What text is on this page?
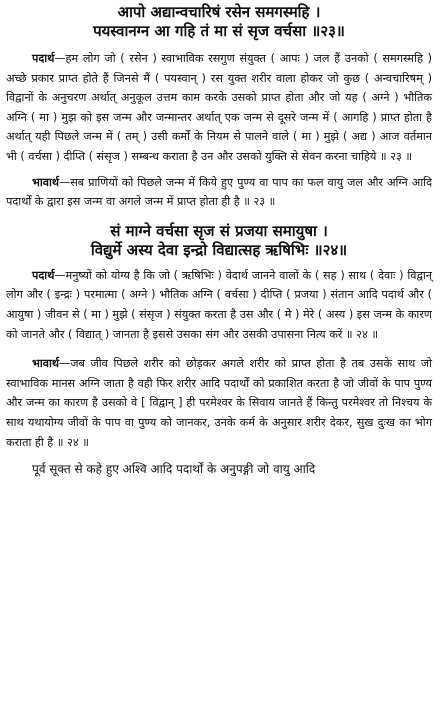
आपो अद्यान्वचारिषं रसेन समगस्महि ।

पयस्वानग्न आ गहि तं मा सं सृज वर्चसा ॥२३॥

पदार्थ—हम लोग जो ( रसेन ) स्वाभाविक रसगुण संयुक्त ( आपः ) जल हैं उनको ( समगस्महि ) अच्छे प्रकार प्राप्त होते हैं जिनसे मैं ( पयस्वान् ) रस युक्त शरीर वाला होकर जो कुछ ( अन्वचारिषम् ) विद्वानों के अनुचरण अर्थात् अनुकूल उत्तम काम करके उसको प्राप्त होता और जो यह ( अग्ने ) भौतिक अग्नि ( मा ) मुझ को इस जन्म और जन्मान्तर अर्थात् एक जन्म से दूसरे जन्म में ( आगहि ) प्राप्त होता है अर्थात् यही पिछले जन्म में ( तम् ) उसी कर्मों के नियम से पालने वाले ( मा ) मुझे ( अद्य ) आज वर्तमान भी ( वर्चसा ) दीप्ति ( संसृज ) सम्बन्ध कराता है उन और उसको युक्ति से सेवन करना चाहिये ॥ २३ ॥

भावार्थ—सब प्राणियों को पिछले जन्म में किये हुए पुण्य वा पाप का फल वायु जल और अग्नि आदि पदार्थों के द्वारा इस जन्म वा अगले जन्म में प्राप्त होता ही है ॥ २३ ॥

सं माग्ने वर्चसा सृज सं प्रजया समायुषा ।

विद्युर्मे अस्य देवा इन्द्रो विद्यात्सह ऋषिभिः ॥२४॥

पदार्थ—मनुष्यों को योग्य है कि जो ( ऋषिभिः ) वेदार्थ जानने वालों के ( सह ) साथ ( देवाः ) विद्वान् लोग और ( इन्द्रः ) परमात्मा ( अग्ने ) भौतिक अग्नि ( वर्चसा ) दीप्ति ( प्रजया ) संतान आदि पदार्थ और ( आयुषा ) जीवन से ( मा ) मुझे ( संसृज ) संयुक्त करता है उस और ( मे ) मेरे ( अस्य ) इस जन्म के कारण को जानते और ( विद्यात् ) जानता है इससे उसका संग और उसकी उपासना नित्य करें ॥ २४ ॥

भावार्थ—जब जीव पिछले शरीर को छोड़कर अगले शरीर को प्राप्त होता है तब उसके साथ जो स्वाभाविक मानस अग्नि जाता है वही फिर शरीर आदि पदार्थों को प्रकाशित करता है जो जीवों के पाप पुण्य और जन्म का कारण है उसको वे [ विद्वान् ] ही परमेश्वर के सिवाय जानते हैं किन्तु परमेश्वर तो निश्चय के साथ यथायोग्य जीवों के पाप वा पुण्य को जानकर, उनके कर्म के अनुसार शरीर देकर, सुख दुःख का भोग कराता ही है ॥ २४ ॥

पूर्व सूक्त से कहे हुए अश्वि आदि पदार्थों के अनुपङ्गी जो वायु आदि
